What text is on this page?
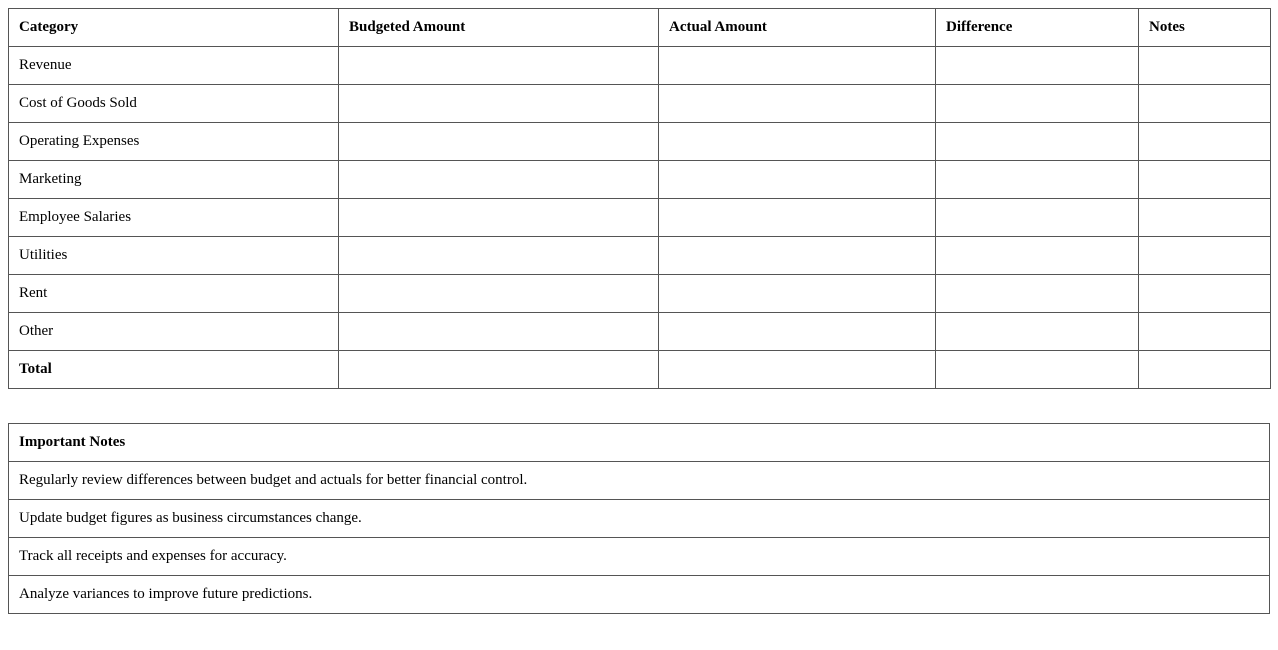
Category	Budgeted Amount	Actual Amount	Difference	Notes
Revenue				
Cost of Goods Sold				
Operating Expenses				
Marketing				
Employee Salaries				
Utilities				
Rent				
Other				
Total				
Important Notes
Regularly review differences between budget and actuals for better financial control.
Update budget figures as business circumstances change.
Track all receipts and expenses for accuracy.
Analyze variances to improve future predictions.
